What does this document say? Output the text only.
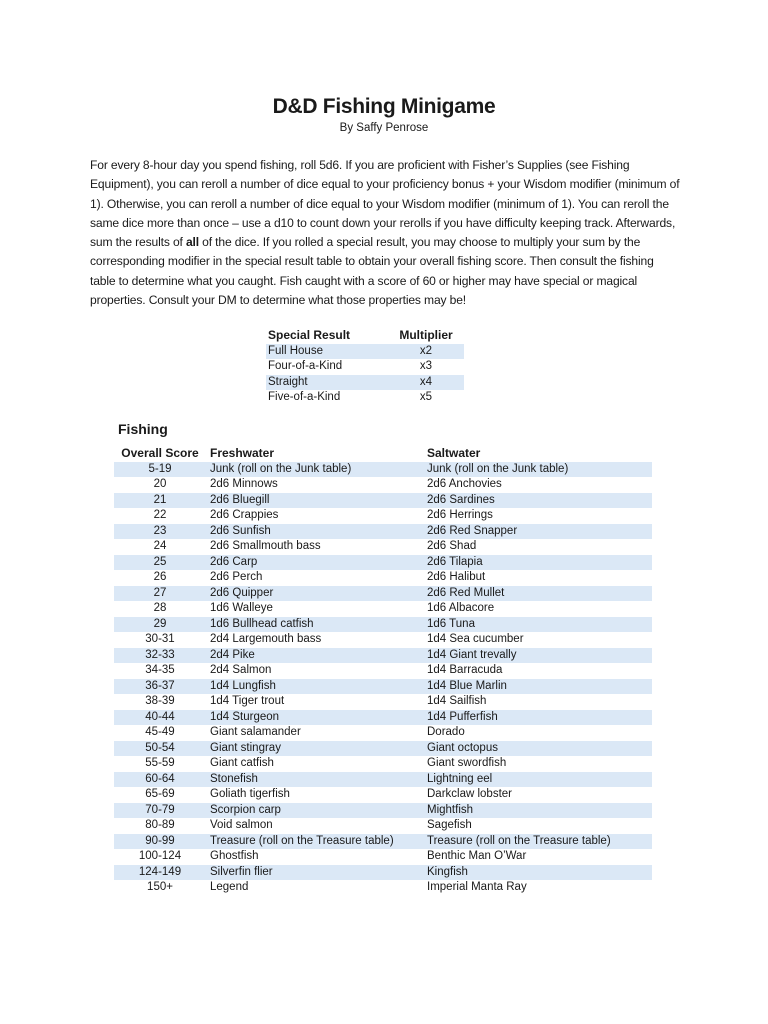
D&D Fishing Minigame

By Saffy Penrose

For every 8-hour day you spend fishing, roll 5d6. If you are proficient with Fisher’s Supplies (see Fishing Equipment), you can reroll a number of dice equal to your proficiency bonus + your Wisdom modifier (minimum of 1). Otherwise, you can reroll a number of dice equal to your Wisdom modifier (minimum of 1). You can reroll the same dice more than once – use a d10 to count down your rerolls if you have difficulty keeping track. Afterwards, sum the results of all of the dice. If you rolled a special result, you may choose to multiply your sum by the corresponding modifier in the special result table to obtain your overall fishing score. Then consult the fishing table to determine what you caught. Fish caught with a score of 60 or higher may have special or magical properties. Consult your DM to determine what those properties may be!

Special Result	Multiplier
Full House	x2
Four-of-a-Kind	x3
Straight	x4
Five-of-a-Kind	x5
Fishing
Overall Score	Freshwater	Saltwater
5-19	Junk (roll on the Junk table)	Junk (roll on the Junk table)
20	2d6 Minnows	2d6 Anchovies
21	2d6 Bluegill	2d6 Sardines
22	2d6 Crappies	2d6 Herrings
23	2d6 Sunfish	2d6 Red Snapper
24	2d6 Smallmouth bass	2d6 Shad
25	2d6 Carp	2d6 Tilapia
26	2d6 Perch	2d6 Halibut
27	2d6 Quipper	2d6 Red Mullet
28	1d6 Walleye	1d6 Albacore
29	1d6 Bullhead catfish	1d6 Tuna
30-31	2d4 Largemouth bass	1d4 Sea cucumber
32-33	2d4 Pike	1d4 Giant trevally
34-35	2d4 Salmon	1d4 Barracuda
36-37	1d4 Lungfish	1d4 Blue Marlin
38-39	1d4 Tiger trout	1d4 Sailfish
40-44	1d4 Sturgeon	1d4 Pufferfish
45-49	Giant salamander	Dorado
50-54	Giant stingray	Giant octopus
55-59	Giant catfish	Giant swordfish
60-64	Stonefish	Lightning eel
65-69	Goliath tigerfish	Darkclaw lobster
70-79	Scorpion carp	Mightfish
80-89	Void salmon	Sagefish
90-99	Treasure (roll on the Treasure table)	Treasure (roll on the Treasure table)
100-124	Ghostfish	Benthic Man O’War
124-149	Silverfin flier	Kingfish
150+	Legend	Imperial Manta Ray
